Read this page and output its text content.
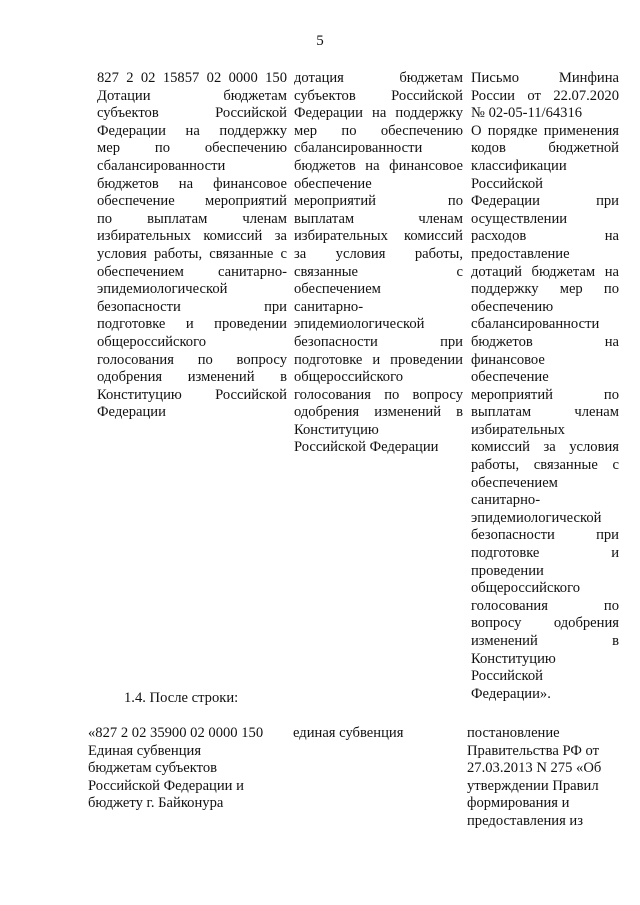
5
827 2 02 15857 02 0000 150
Дотации бюджетам
субъектов Российской
Федерации на поддержку
мер по обеспечению
сбалансированности
бюджетов на финансовое
обеспечение мероприятий
по выплатам членам
избирательных комиссий за
условия работы, связанные с
обеспечением санитарно-
эпидемиологической
безопасности при
подготовке и проведении
общероссийского
голосования по вопросу
одобрения изменений в
Конституцию Российской
Федерации
дотация бюджетам
субъектов Российской
Федерации на поддержку
мер по обеспечению
сбалансированности
бюджетов на финансовое
обеспечение
мероприятий по
выплатам членам
избирательных комиссий
за условия работы,
связанные с
обеспечением
санитарно-
эпидемиологической
безопасности при
подготовке и проведении
общероссийского
голосования по вопросу
одобрения изменений в
Конституцию
Российской Федерации
Письмо Минфина
России от 22.07.2020
№ 02-05-11/64316
О порядке применения
кодов бюджетной
классификации
Российской
Федерации при
осуществлении
расходов на
предоставление
дотаций бюджетам на
поддержку мер по
обеспечению
сбалансированности
бюджетов на
финансовое
обеспечение
мероприятий по
выплатам членам
избирательных
комиссий за условия
работы, связанные с
обеспечением
санитарно-
эпидемиологической
безопасности при
подготовке и
проведении
общероссийского
голосования по
вопросу одобрения
изменений в
Конституцию
Российской
Федерации».
1.4. После строки:
«827 2 02 35900 02 0000 150
Единая субвенция
бюджетам субъектов
Российской Федерации и
бюджету г. Байконура
единая субвенция	постановление
Правительства РФ от
27.03.2013 N 275 «Об
утверждении Правил
формирования и
предоставления из
